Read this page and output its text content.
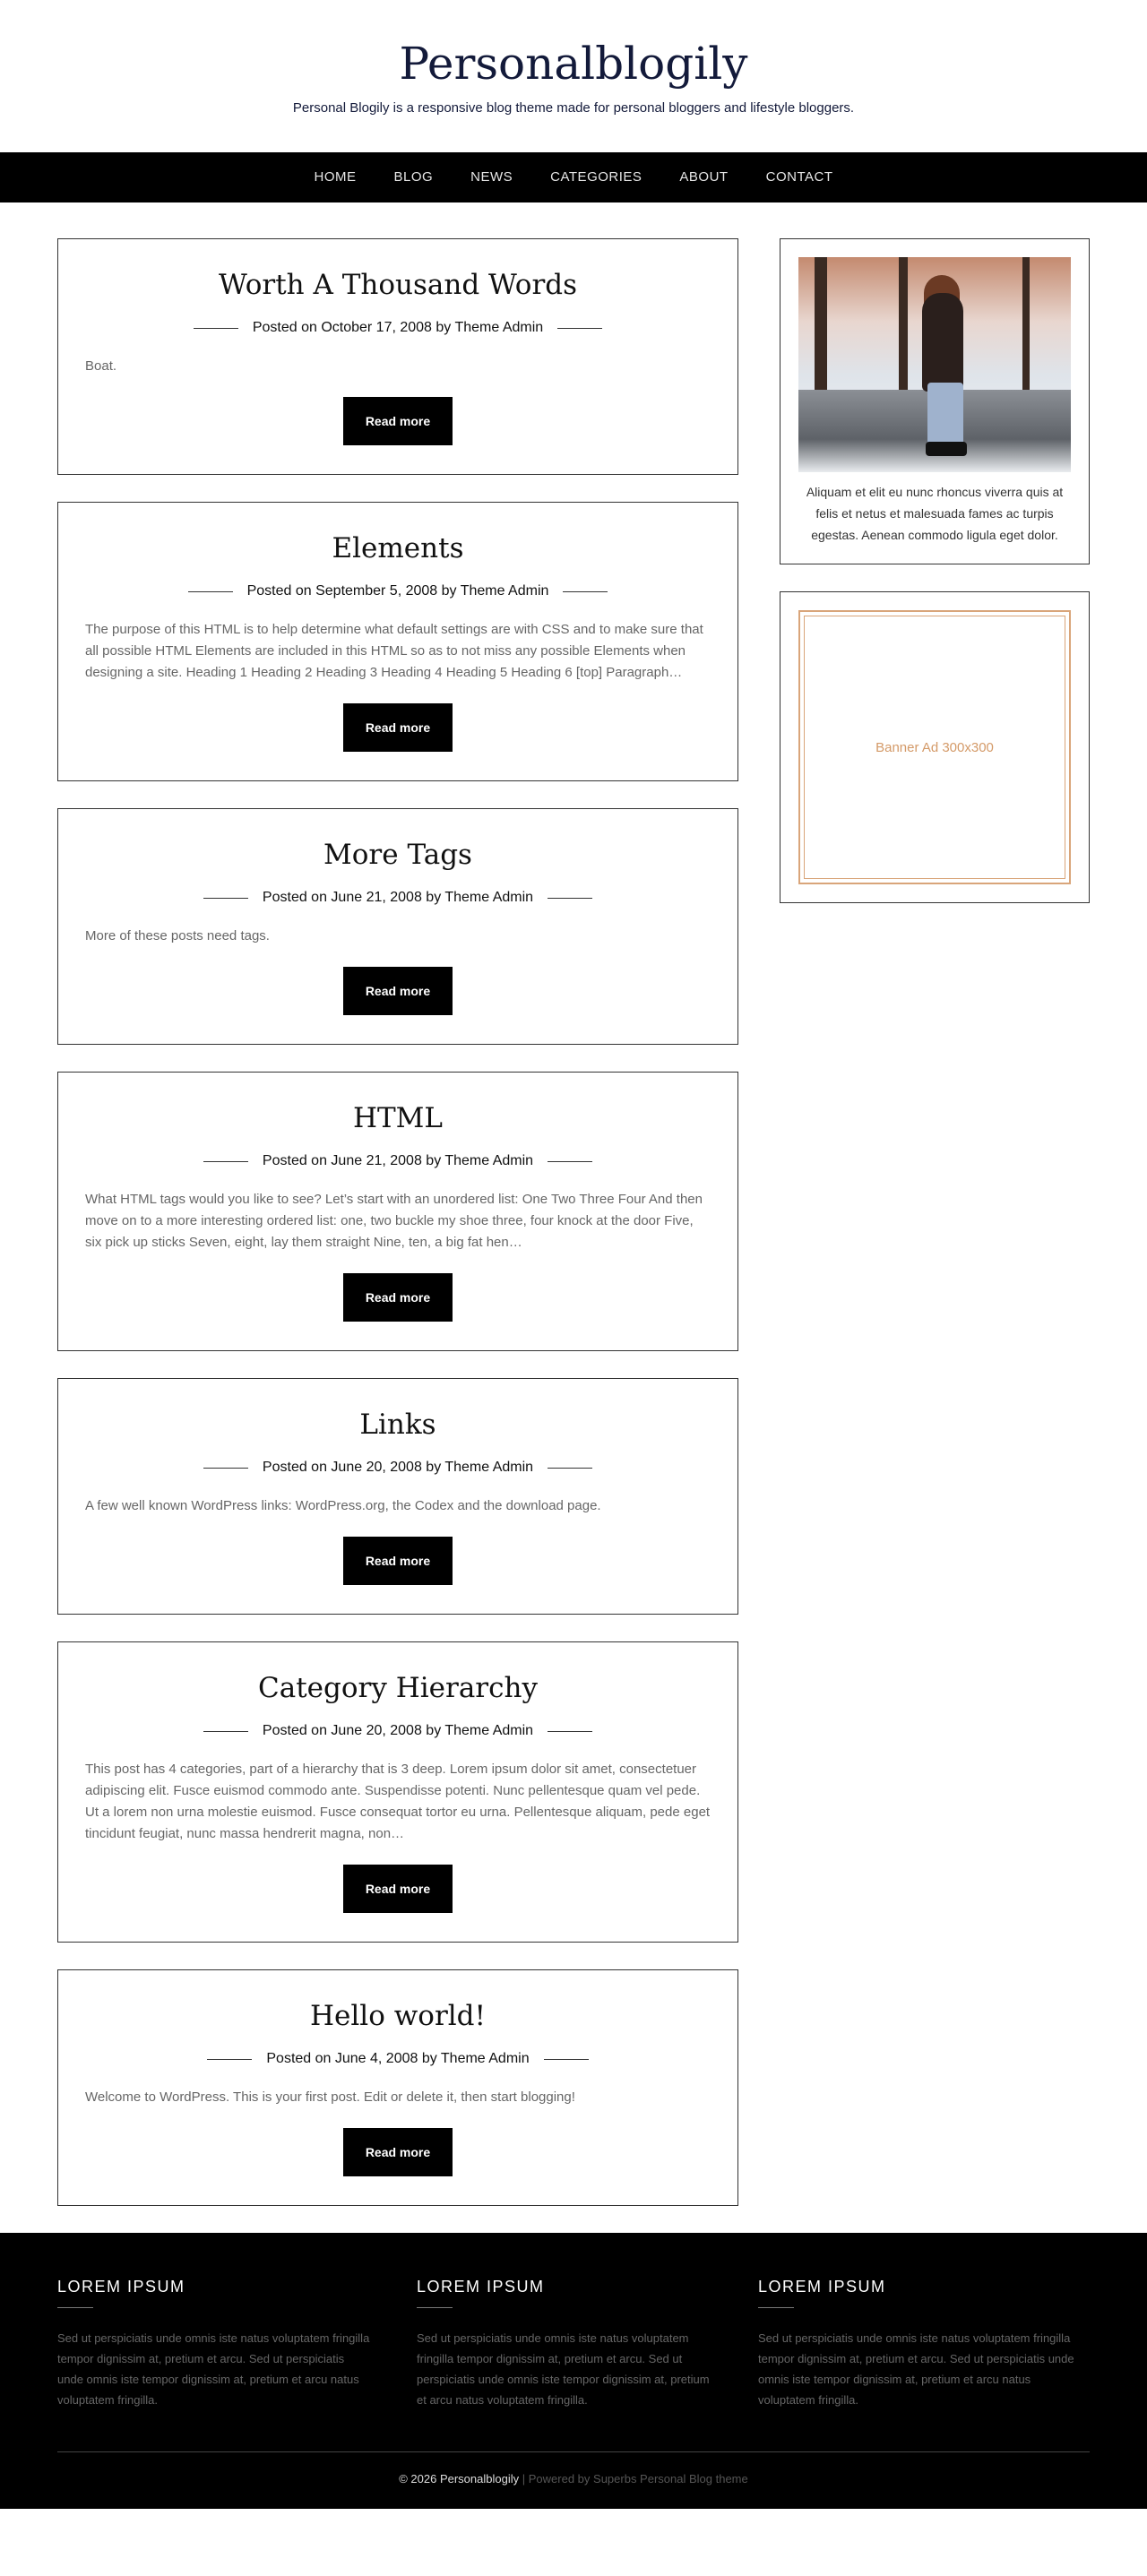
Personalblogily

Personal Blogily is a responsive blog theme made for personal bloggers and lifestyle bloggers.

HOME	BLOG	NEWS	CATEGORIES	ABOUT	CONTACT
Worth A Thousand Words
Posted on October 17, 2008 by Theme Admin

Boat.

Read more
Elements
Posted on September 5, 2008 by Theme Admin

The purpose of this HTML is to help determine what default settings are with CSS and to make sure that all possible HTML Elements are included in this HTML so as to not miss any possible Elements when designing a site. Heading 1 Heading 2 Heading 3 Heading 4 Heading 5 Heading 6 [top] Paragraph…

Read more
More Tags
Posted on June 21, 2008 by Theme Admin

More of these posts need tags.

Read more
HTML
Posted on June 21, 2008 by Theme Admin

What HTML tags would you like to see? Let’s start with an unordered list: One Two Three Four And then move on to a more interesting ordered list: one, two buckle my shoe three, four knock at the door Five, six pick up sticks Seven, eight, lay them straight Nine, ten, a big fat hen…

Read more
Links
Posted on June 20, 2008 by Theme Admin

A few well known WordPress links: WordPress.org, the Codex and the download page.

Read more
Category Hierarchy
Posted on June 20, 2008 by Theme Admin

This post has 4 categories, part of a hierarchy that is 3 deep. Lorem ipsum dolor sit amet, consectetuer adipiscing elit. Fusce euismod commodo ante. Suspendisse potenti. Nunc pellentesque quam vel pede. Ut a lorem non urna molestie euismod. Fusce consequat tortor eu urna. Pellentesque aliquam, pede eget tincidunt feugiat, nunc massa hendrerit magna, non…

Read more
Hello world!
Posted on June 4, 2008 by Theme Admin

Welcome to WordPress. This is your first post. Edit or delete it, then start blogging!

Read more

Aliquam et elit eu nunc rhoncus viverra quis at felis et netus et malesuada fames ac turpis egestas. Aenean commodo ligula eget dolor.

Banner Ad 300x300
LOREM IPSUM

Sed ut perspiciatis unde omnis iste natus voluptatem fringilla tempor dignissim at, pretium et arcu. Sed ut perspiciatis unde omnis iste tempor dignissim at, pretium et arcu natus voluptatem fringilla.

LOREM IPSUM

Sed ut perspiciatis unde omnis iste natus voluptatem fringilla tempor dignissim at, pretium et arcu. Sed ut perspiciatis unde omnis iste tempor dignissim at, pretium et arcu natus voluptatem fringilla.

LOREM IPSUM

Sed ut perspiciatis unde omnis iste natus voluptatem fringilla tempor dignissim at, pretium et arcu. Sed ut perspiciatis unde omnis iste tempor dignissim at, pretium et arcu natus voluptatem fringilla.

© 2026 Personalblogily | Powered by Superbs Personal Blog theme
